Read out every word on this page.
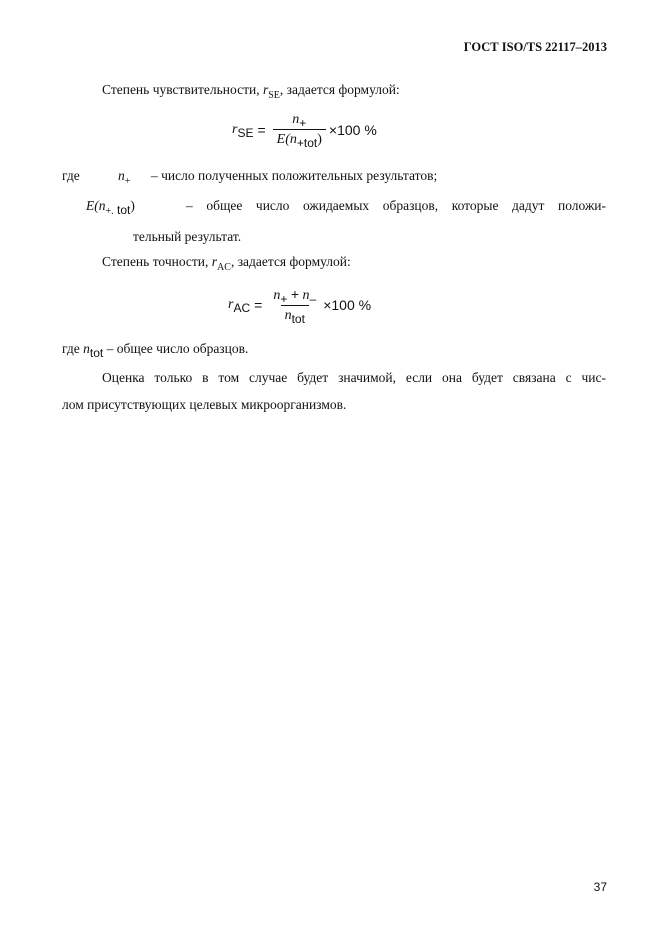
ГОСТ ISO/TS 22117–2013
Степень чувствительности, $r_{SE}$, задается формулой:
r SE = $\frac{n+}{\text{E(n+tot)}} \times 100$ %
где	$n_+$ – число полученных положительных результатов;
$E(n_{+.}$ tot)	– общее число ожидаемых образцов, которые дадут положи-
тельный результат.
Степень точности, $r_{AC}$, задается формулой:
r AC = $\frac{n+ + n-}{\text{ntot}} \times 100$ %
где ntot – общее число образцов.
Оценка только в том случае будет значимой, если она будет связана с чис-
лом присутствующих целевых микроорганизмов.
37
